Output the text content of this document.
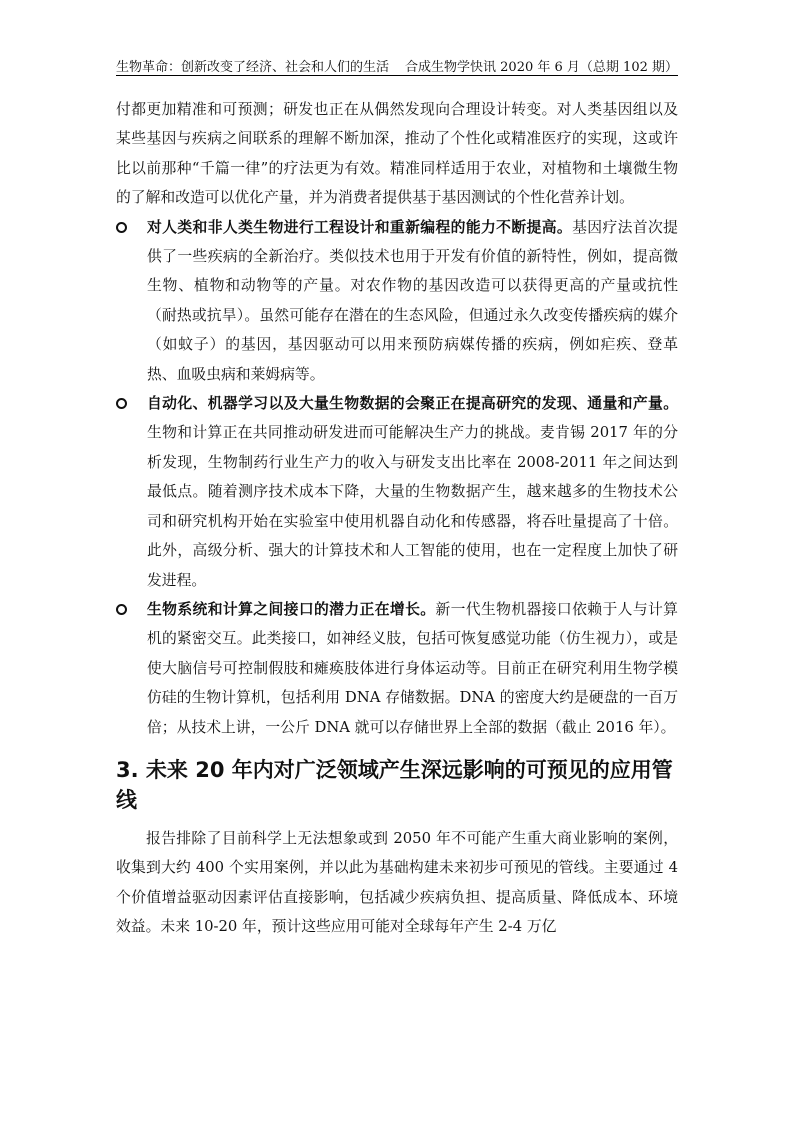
生物革命：创新改变了经济、社会和人们的生活 合成生物学快讯 2020 年 6 月（总期 102 期）

付都更加精准和可预测；研发也正在从偶然发现向合理设计转变。对人类基因组以及某些基因与疾病之间联系的理解不断加深，推动了个性化或精准医疗的实现，这或许比以前那种“千篇一律”的疗法更为有效。精准同样适用于农业，对植物和土壤微生物的了解和改造可以优化产量，并为消费者提供基于基因测试的个性化营养计划。

对人类和非人类生物进行工程设计和重新编程的能力不断提高。基因疗法首次提供了一些疾病的全新治疗。类似技术也用于开发有价值的新特性，例如，提高微生物、植物和动物等的产量。对农作物的基因改造可以获得更高的产量或抗性（耐热或抗旱）。虽然可能存在潜在的生态风险，但通过永久改变传播疾病的媒介（如蚊子）的基因，基因驱动可以用来预防病媒传播的疾病，例如疟疾、登革热、血吸虫病和莱姆病等。

自动化、机器学习以及大量生物数据的会聚正在提高研究的发现、通量和产量。生物和计算正在共同推动研发进而可能解决生产力的挑战。麦肯锡 2017 年的分析发现，生物制药行业生产力的收入与研发支出比率在 2008-2011 年之间达到最低点。随着测序技术成本下降，大量的生物数据产生，越来越多的生物技术公司和研究机构开始在实验室中使用机器自动化和传感器，将吞吐量提高了十倍。此外，高级分析、强大的计算技术和人工智能的使用，也在一定程度上加快了研发进程。

生物系统和计算之间接口的潜力正在增长。新一代生物机器接口依赖于人与计算机的紧密交互。此类接口，如神经义肢，包括可恢复感觉功能（仿生视力），或是使大脑信号可控制假肢和瘫痪肢体进行身体运动等。目前正在研究利用生物学模仿硅的生物计算机，包括利用 DNA 存储数据。DNA 的密度大约是硬盘的一百万倍；从技术上讲，一公斤 DNA 就可以存储世界上全部的数据（截止 2016 年）。

3. 未来 20 年内对广泛领域产生深远影响的可预见的应用管线

报告排除了目前科学上无法想象或到 2050 年不可能产生重大商业影响的案例，收集到大约 400 个实用案例，并以此为基础构建未来初步可预见的管线。主要通过 4 个价值增益驱动因素评估直接影响，包括减少疾病负担、提高质量、降低成本、环境效益。未来 10-20 年，预计这些应用可能对全球每年产生 2-4 万亿
